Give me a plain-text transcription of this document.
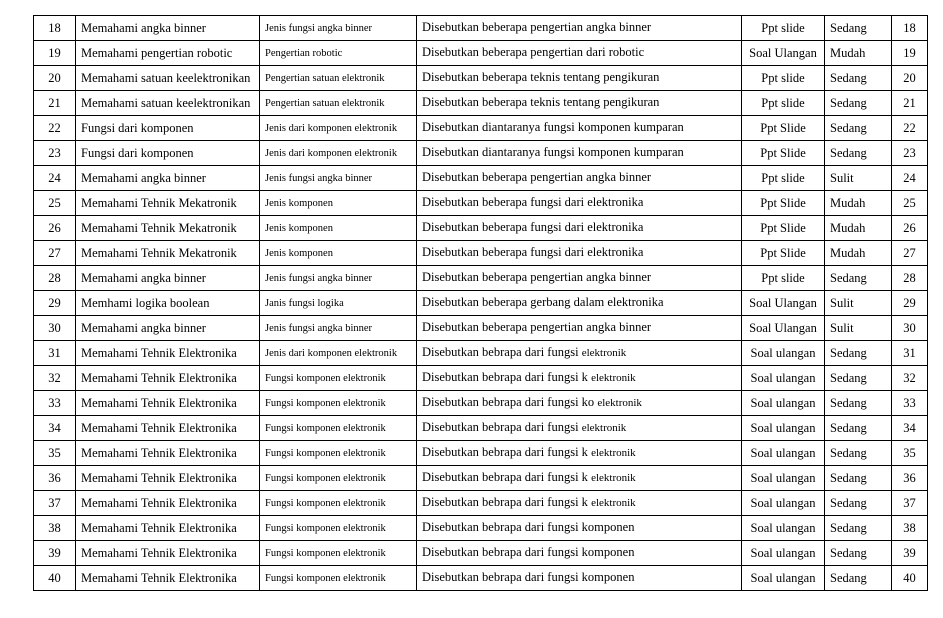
18	Memahami angka binner	Jenis fungsi angka binner	Disebutkan beberapa pengertian angka binner	Ppt slide	Sedang	18
19	Memahami pengertian robotic	Pengertian robotic	Disebutkan beberapa pengertian dari robotic	Soal Ulangan	Mudah	19
20	Memahami satuan keelektronikan	Pengertian satuan elektronik	Disebutkan beberapa teknis tentang pengikuran	Ppt slide	Sedang	20
21	Memahami satuan keelektronikan	Pengertian satuan elektronik	Disebutkan beberapa teknis tentang pengikuran	Ppt slide	Sedang	21
22	Fungsi dari komponen	Jenis dari komponen elektronik	Disebutkan diantaranya fungsi komponen kumparan	Ppt Slide	Sedang	22
23	Fungsi dari komponen	Jenis dari komponen elektronik	Disebutkan diantaranya fungsi komponen kumparan	Ppt Slide	Sedang	23
24	Memahami angka binner	Jenis fungsi angka binner	Disebutkan beberapa pengertian angka binner	Ppt slide	Sulit	24
25	Memahami Tehnik Mekatronik	Jenis komponen	Disebutkan beberapa fungsi dari elektronika	Ppt Slide	Mudah	25
26	Memahami Tehnik Mekatronik	Jenis komponen	Disebutkan beberapa fungsi dari elektronika	Ppt Slide	Mudah	26
27	Memahami Tehnik Mekatronik	Jenis komponen	Disebutkan beberapa fungsi dari elektronika	Ppt Slide	Mudah	27
28	Memahami angka binner	Jenis fungsi angka binner	Disebutkan beberapa pengertian angka binner	Ppt slide	Sedang	28
29	Memhami logika boolean	Janis fungsi logika	Disebutkan beberapa gerbang dalam elektronika	Soal Ulangan	Sulit	29
30	Memahami angka binner	Jenis fungsi angka binner	Disebutkan beberapa pengertian angka binner	Soal Ulangan	Sulit	30
31	Memahami Tehnik Elektronika	Jenis dari komponen elektronik	Disebutkan bebrapa dari fungsi elektronik	Soal ulangan	Sedang	31
32	Memahami Tehnik Elektronika	Fungsi komponen elektronik	Disebutkan bebrapa dari fungsi k elektronik	Soal ulangan	Sedang	32
33	Memahami Tehnik Elektronika	Fungsi komponen elektronik	Disebutkan bebrapa dari fungsi ko elektronik	Soal ulangan	Sedang	33
34	Memahami Tehnik Elektronika	Fungsi komponen elektronik	Disebutkan bebrapa dari fungsi elektronik	Soal ulangan	Sedang	34
35	Memahami Tehnik Elektronika	Fungsi komponen elektronik	Disebutkan bebrapa dari fungsi k elektronik	Soal ulangan	Sedang	35
36	Memahami Tehnik Elektronika	Fungsi komponen elektronik	Disebutkan bebrapa dari fungsi k elektronik	Soal ulangan	Sedang	36
37	Memahami Tehnik Elektronika	Fungsi komponen elektronik	Disebutkan bebrapa dari fungsi k elektronik	Soal ulangan	Sedang	37
38	Memahami Tehnik Elektronika	Fungsi komponen elektronik	Disebutkan bebrapa dari fungsi komponen	Soal ulangan	Sedang	38
39	Memahami Tehnik Elektronika	Fungsi komponen elektronik	Disebutkan bebrapa dari fungsi komponen	Soal ulangan	Sedang	39
40	Memahami Tehnik Elektronika	Fungsi komponen elektronik	Disebutkan bebrapa dari fungsi komponen	Soal ulangan	Sedang	40
